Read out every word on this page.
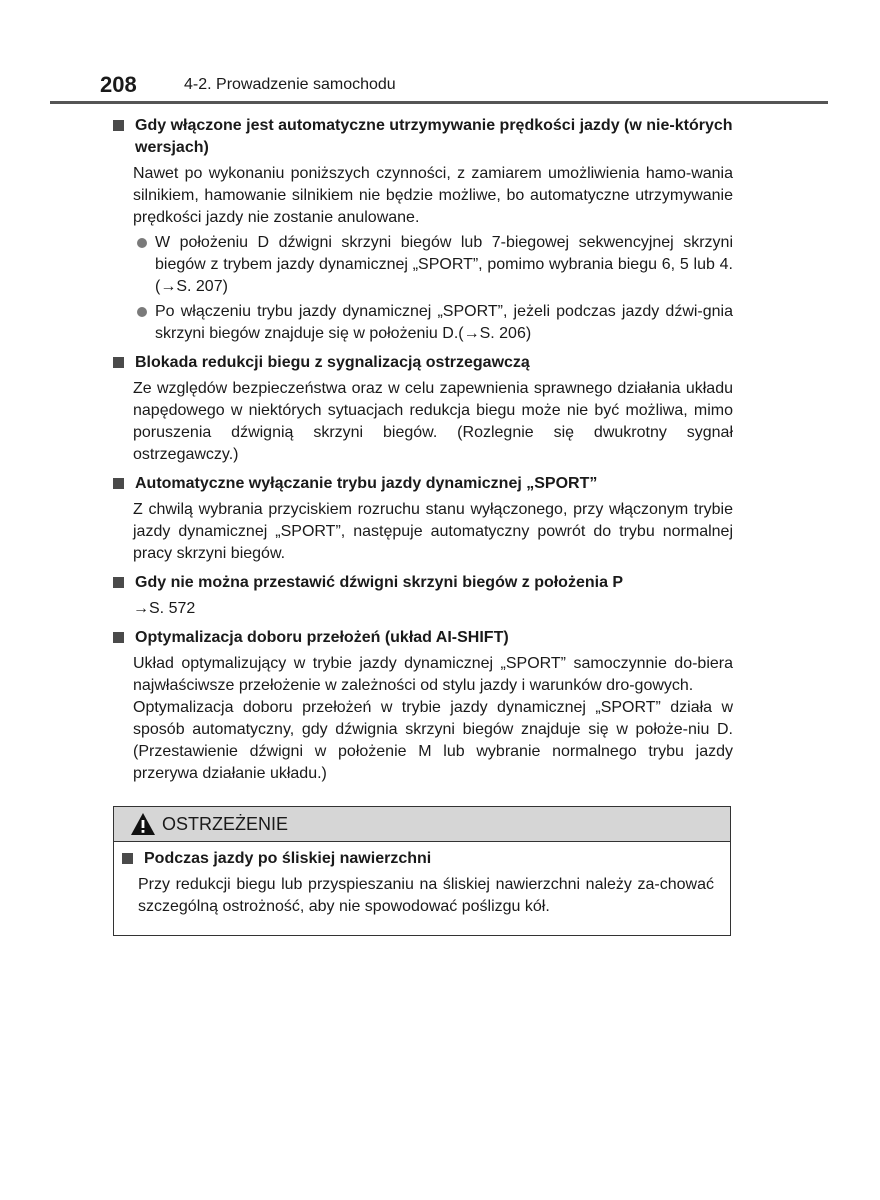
208	4-2. Prowadzenie samochodu
Gdy włączone jest automatyczne utrzymywanie prędkości jazdy (w nie-których wersjach)
Nawet po wykonaniu poniższych czynności, z zamiarem umożliwienia hamo-wania silnikiem, hamowanie silnikiem nie będzie możliwe, bo automatyczne utrzymywanie prędkości jazdy nie zostanie anulowane.
W położeniu D dźwigni skrzyni biegów lub 7-biegowej sekwencyjnej skrzyni biegów z trybem jazdy dynamicznej „SPORT”, pomimo wybrania biegu 6, 5 lub 4. (→S. 207)
Po włączeniu trybu jazdy dynamicznej „SPORT”, jeżeli podczas jazdy dźwi-gnia skrzyni biegów znajduje się w położeniu D.(→S. 206)
Blokada redukcji biegu z sygnalizacją ostrzegawczą
Ze względów bezpieczeństwa oraz w celu zapewnienia sprawnego działania układu napędowego w niektórych sytuacjach redukcja biegu może nie być możliwa, mimo poruszenia dźwignią skrzyni biegów. (Rozlegnie się dwukrotny sygnał ostrzegawczy.)
Automatyczne wyłączanie trybu jazdy dynamicznej „SPORT”
Z chwilą wybrania przyciskiem rozruchu stanu wyłączonego, przy włączonym trybie jazdy dynamicznej „SPORT”, następuje automatyczny powrót do trybu normalnej pracy skrzyni biegów.
Gdy nie można przestawić dźwigni skrzyni biegów z położenia P
→S. 572
Optymalizacja doboru przełożeń (układ AI-SHIFT)
Układ optymalizujący w trybie jazdy dynamicznej „SPORT” samoczynnie do-biera najwłaściwsze przełożenie w zależności od stylu jazdy i warunków dro-gowych.
Optymalizacja doboru przełożeń w trybie jazdy dynamicznej „SPORT” działa w sposób automatyczny, gdy dźwignia skrzyni biegów znajduje się w położe-niu D. (Przestawienie dźwigni w położenie M lub wybranie normalnego trybu jazdy przerywa działanie układu.)
OSTRZEŻENIE
Podczas jazdy po śliskiej nawierzchni
Przy redukcji biegu lub przyspieszaniu na śliskiej nawierzchni należy za-chować szczególną ostrożność, aby nie spowodować poślizgu kół.
